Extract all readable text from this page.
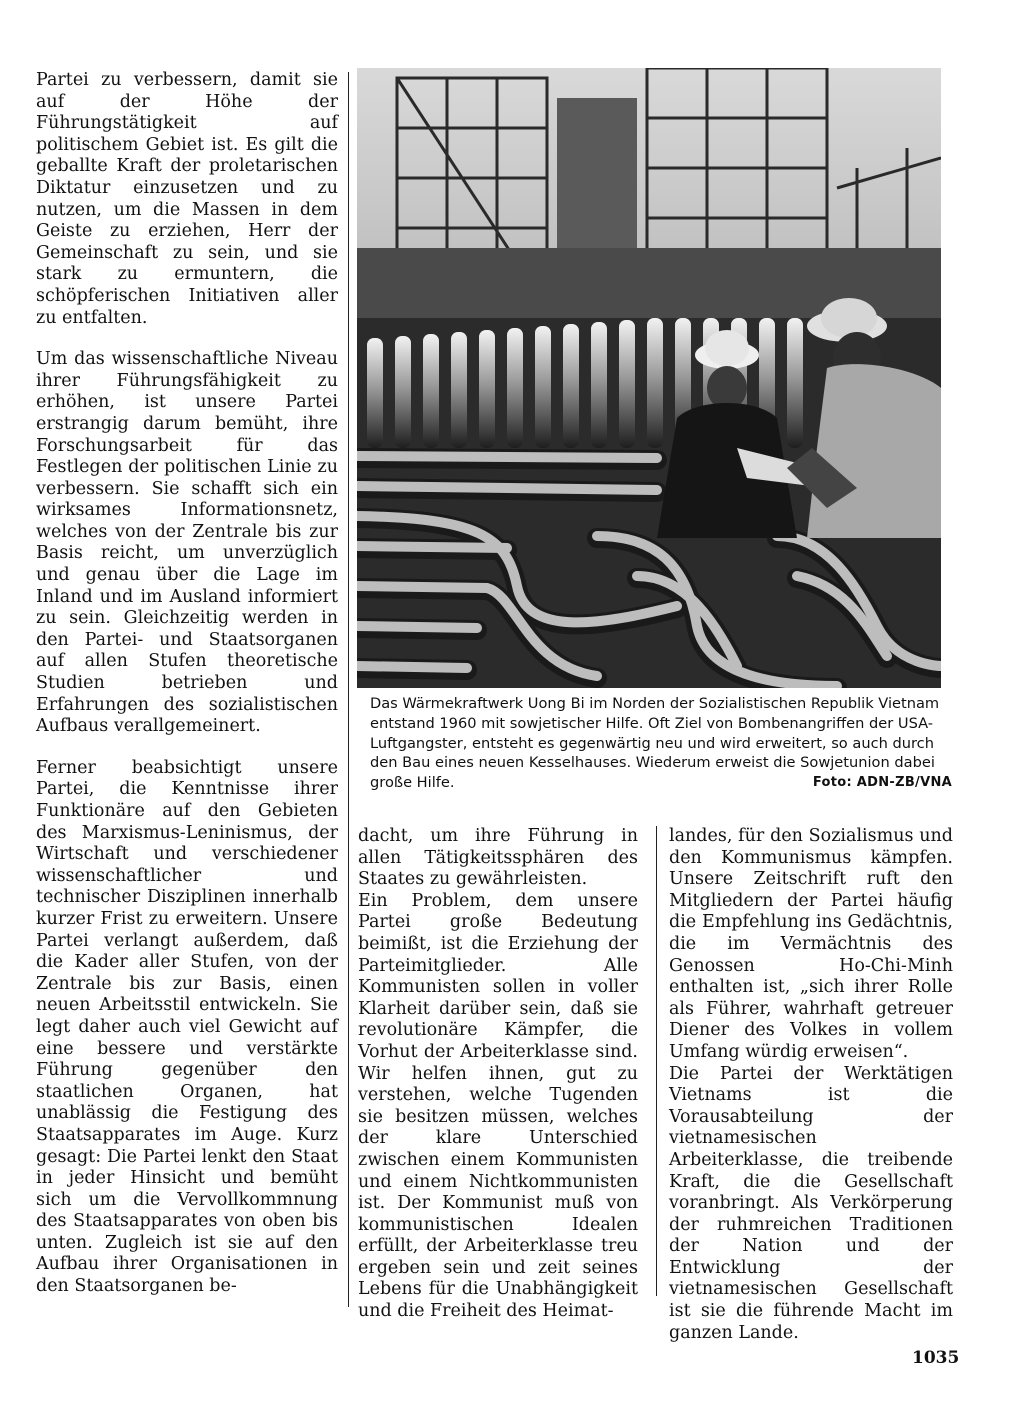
Partei zu verbessern, damit sie auf der Höhe der Führungstätigkeit auf politischem Gebiet ist. Es gilt die geballte Kraft der proletarischen Diktatur einzusetzen und zu nutzen, um die Massen in dem Geiste zu erziehen, Herr der Gemeinschaft zu sein, und sie stark zu ermuntern, die schöpferischen Initiativen aller zu entfalten.

Um das wissenschaftliche Niveau ihrer Führungsfähigkeit zu erhöhen, ist unsere Partei erstrangig darum bemüht, ihre Forschungsarbeit für das Festlegen der politischen Linie zu verbessern. Sie schafft sich ein wirksames Informationsnetz, welches von der Zentrale bis zur Basis reicht, um unverzüglich und genau über die Lage im Inland und im Ausland informiert zu sein. Gleichzeitig werden in den Partei- und Staatsorganen auf allen Stufen theoretische Studien betrieben und Erfahrungen des sozialistischen Aufbaus verallgemeinert.

Ferner beabsichtigt unsere Partei, die Kenntnisse ihrer Funktionäre auf den Gebieten des Marxismus-Leninismus, der Wirtschaft und verschiedener wissenschaftlicher und technischer Disziplinen innerhalb kurzer Frist zu erweitern. Unsere Partei verlangt außerdem, daß die Kader aller Stufen, von der Zentrale bis zur Basis, einen neuen Arbeitsstil entwickeln. Sie legt daher auch viel Gewicht auf eine bessere und verstärkte Führung gegenüber den staatlichen Organen, hat unablässig die Festigung des Staatsapparates im Auge. Kurz gesagt: Die Partei lenkt den Staat in jeder Hinsicht und bemüht sich um die Vervollkommnung des Staatsapparates von oben bis unten. Zugleich ist sie auf den Aufbau ihrer Organisationen in den Staatsorganen be-

Das Wärmekraftwerk Uong Bi im Norden der Sozialistischen Republik Vietnam entstand 1960 mit sowjetischer Hilfe. Oft Ziel von Bombenangriffen der USA-Luftgangster, entsteht es gegenwärtig neu und wird erweitert, so auch durch den Bau eines neuen Kesselhauses. Wiederum erweist die Sowjetunion dabei große Hilfe.	Foto: ADN-ZB/VNA

dacht, um ihre Führung in allen Tätigkeitssphären des Staates zu gewährleisten.

Ein Problem, dem unsere Partei große Bedeutung beimißt, ist die Erziehung der Parteimitglieder. Alle Kommunisten sollen in voller Klarheit darüber sein, daß sie revolutionäre Kämpfer, die Vorhut der Arbeiterklasse sind. Wir helfen ihnen, gut zu verstehen, welche Tugenden sie besitzen müssen, welches der klare Unterschied zwischen einem Kommunisten und einem Nichtkommunisten ist. Der Kommunist muß von kommunistischen Idealen erfüllt, der Arbeiterklasse treu ergeben sein und zeit seines Lebens für die Unabhängigkeit und die Freiheit des Heimat-

landes, für den Sozialismus und den Kommunismus kämpfen. Unsere Zeitschrift ruft den Mitgliedern der Partei häufig die Empfehlung ins Gedächtnis, die im Vermächtnis des Genossen Ho-Chi-Minh enthalten ist, „sich ihrer Rolle als Führer, wahrhaft getreuer Diener des Volkes in vollem Umfang würdig erweisen“.

Die Partei der Werktätigen Vietnams ist die Vorausabteilung der vietnamesischen Arbeiterklasse, die treibende Kraft, die die Gesellschaft voranbringt. Als Verkörperung der ruhmreichen Traditionen der Nation und der Entwicklung der vietnamesischen Gesellschaft ist sie die führende Macht im ganzen Lande.

1035
